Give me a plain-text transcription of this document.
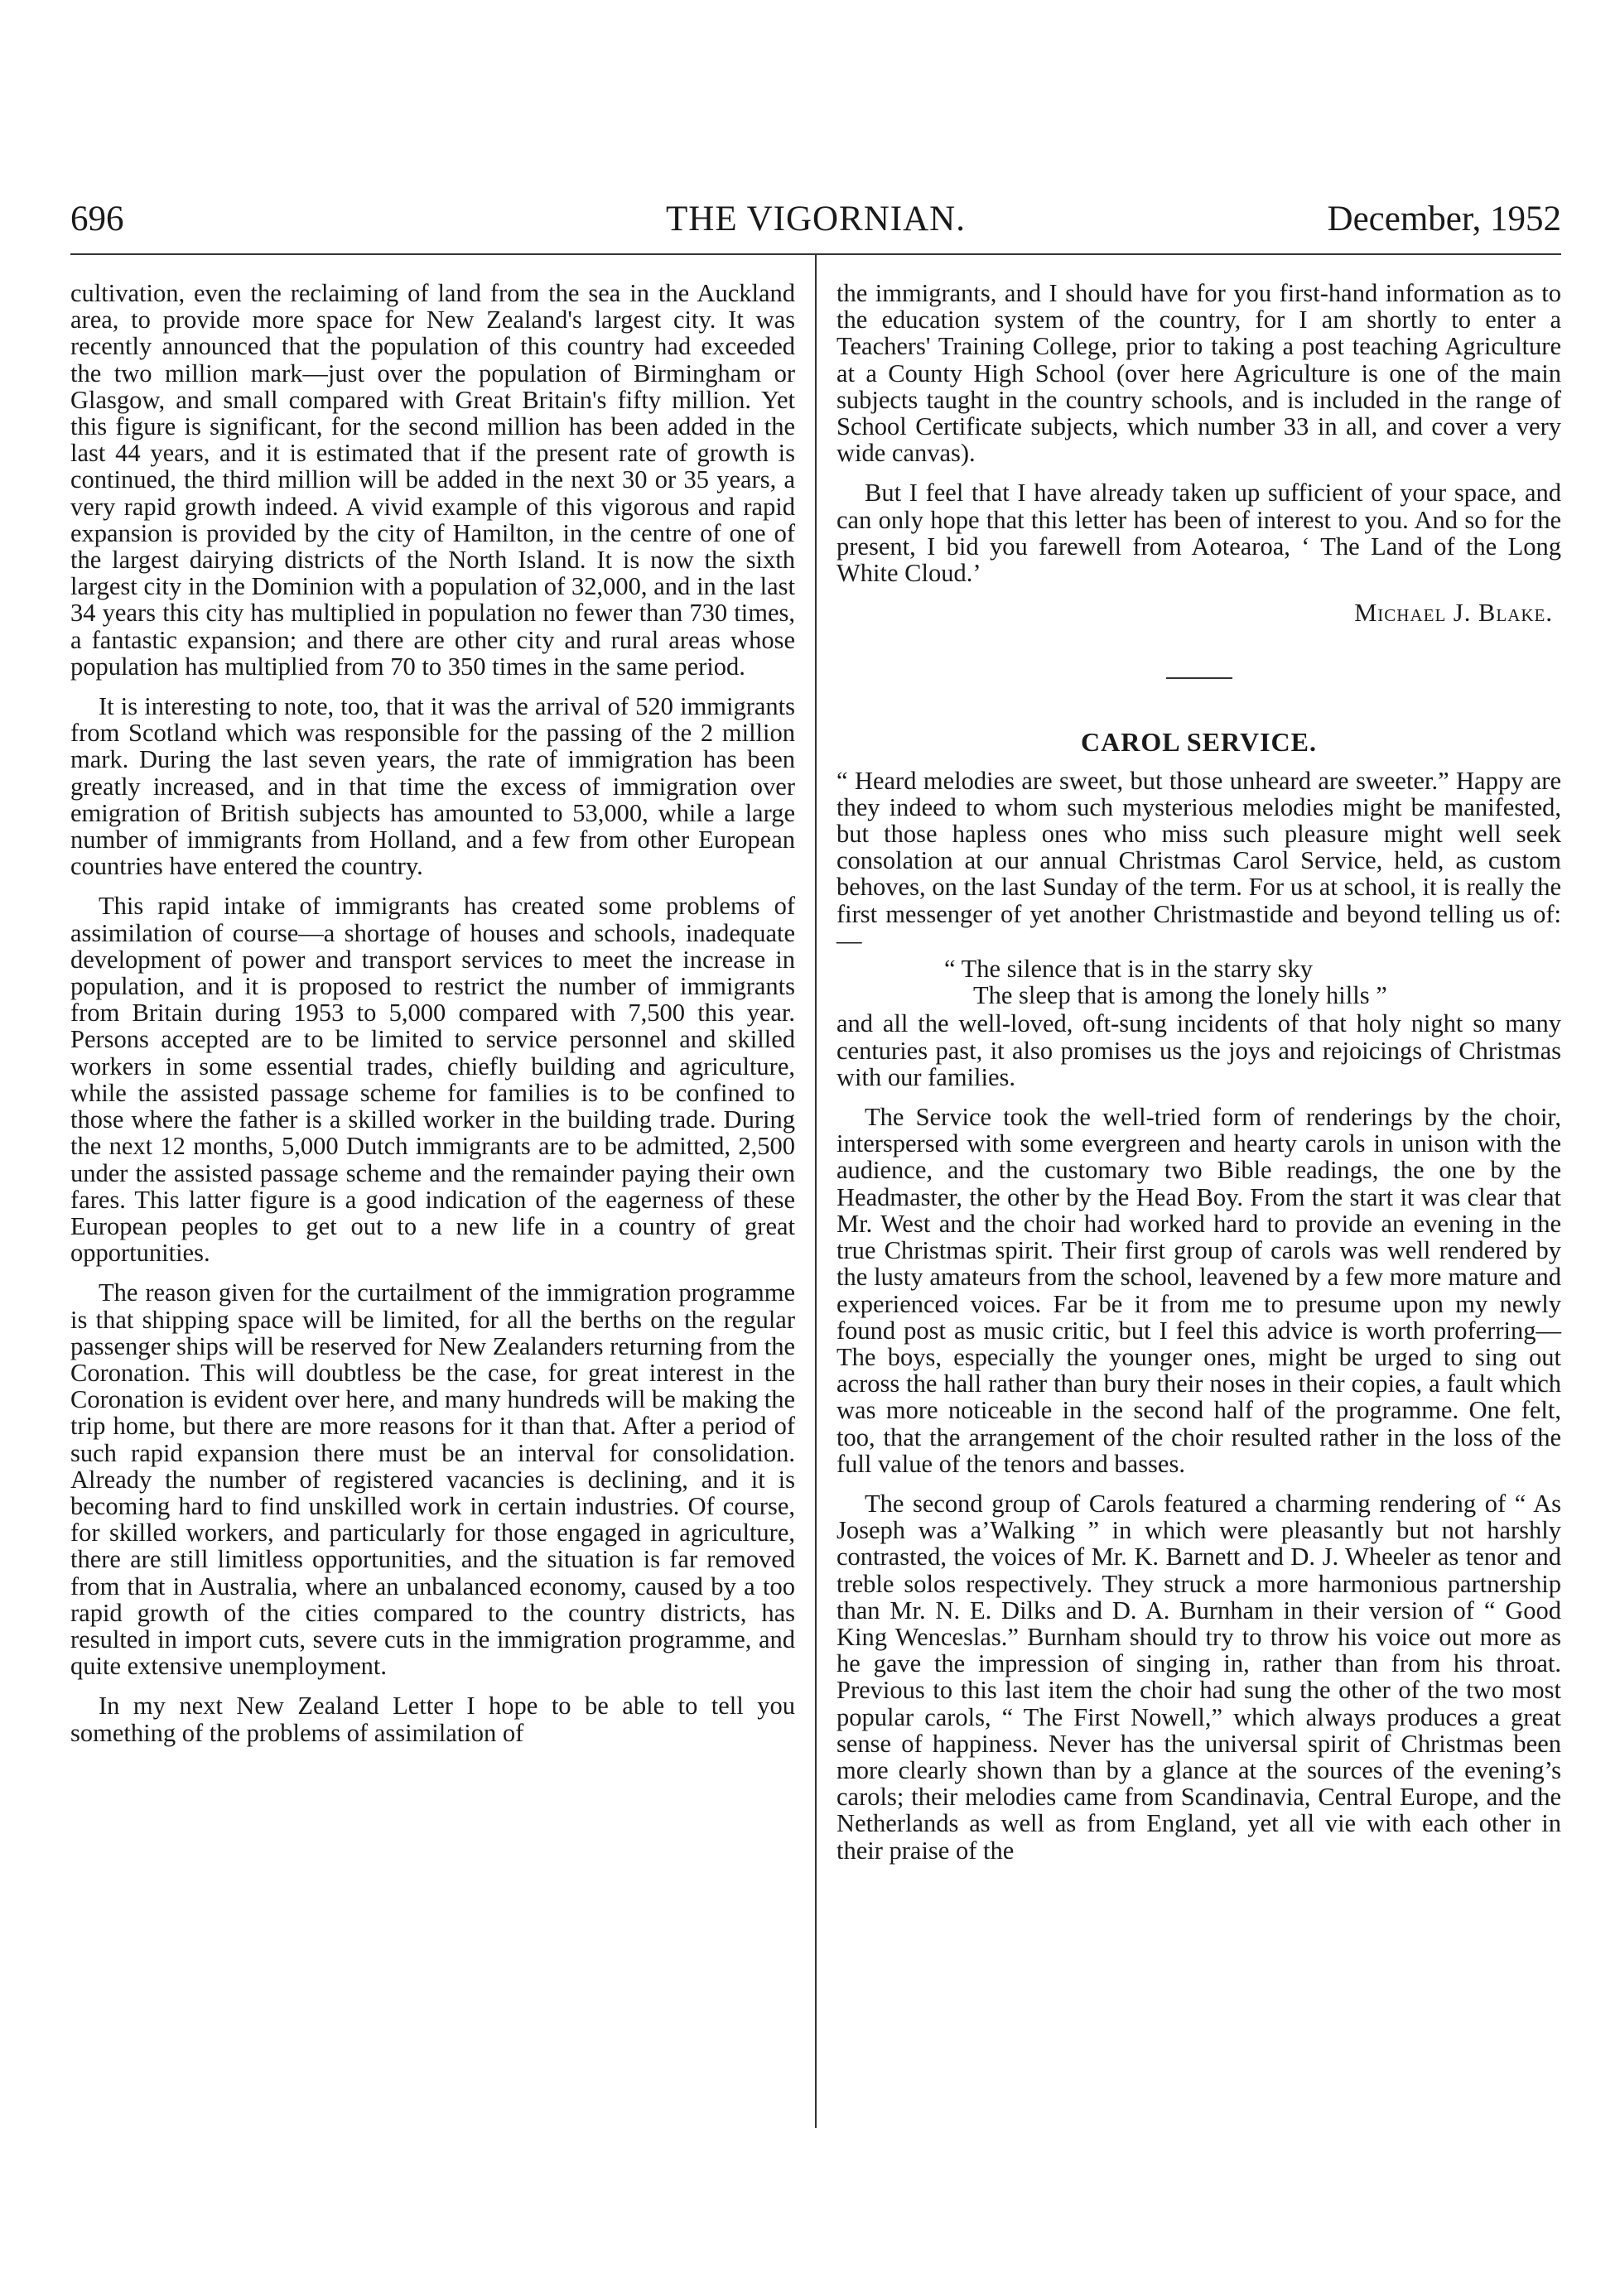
696	THE VIGORNIAN.	December, 1952

cultivation, even the reclaiming of land from the sea in the Auckland area, to provide more space for New Zealand's largest city. It was recently announced that the population of this country had exceeded the two million mark—just over the population of Birmingham or Glasgow, and small compared with Great Britain's fifty million. Yet this figure is significant, for the second million has been added in the last 44 years, and it is estimated that if the present rate of growth is continued, the third million will be added in the next 30 or 35 years, a very rapid growth indeed. A vivid example of this vigorous and rapid expansion is provided by the city of Hamilton, in the centre of one of the largest dairying districts of the North Island. It is now the sixth largest city in the Dominion with a population of 32,000, and in the last 34 years this city has multiplied in population no fewer than 730 times, a fantastic expansion; and there are other city and rural areas whose population has multiplied from 70 to 350 times in the same period.

It is interesting to note, too, that it was the arrival of 520 immigrants from Scotland which was responsible for the passing of the 2 million mark. During the last seven years, the rate of immigration has been greatly increased, and in that time the excess of immigration over emigration of British subjects has amounted to 53,000, while a large number of immigrants from Holland, and a few from other European countries have entered the country.

This rapid intake of immigrants has created some problems of assimilation of course—a shortage of houses and schools, inadequate development of power and transport services to meet the increase in population, and it is proposed to restrict the number of immigrants from Britain during 1953 to 5,000 compared with 7,500 this year. Persons accepted are to be limited to service personnel and skilled workers in some essential trades, chiefly building and agriculture, while the assisted passage scheme for families is to be confined to those where the father is a skilled worker in the building trade. During the next 12 months, 5,000 Dutch immigrants are to be admitted, 2,500 under the assisted passage scheme and the remainder paying their own fares. This latter figure is a good indication of the eagerness of these European peoples to get out to a new life in a country of great opportunities.

The reason given for the curtailment of the immigration programme is that shipping space will be limited, for all the berths on the regular passenger ships will be reserved for New Zealanders returning from the Coronation. This will doubtless be the case, for great interest in the Coronation is evident over here, and many hundreds will be making the trip home, but there are more reasons for it than that. After a period of such rapid expansion there must be an interval for consolidation. Already the number of registered vacancies is declining, and it is becoming hard to find unskilled work in certain industries. Of course, for skilled workers, and particularly for those engaged in agriculture, there are still limitless opportunities, and the situation is far removed from that in Australia, where an unbalanced economy, caused by a too rapid growth of the cities compared to the country districts, has resulted in import cuts, severe cuts in the immigration programme, and quite extensive unemployment.

In my next New Zealand Letter I hope to be able to tell you something of the problems of assimilation of

the immigrants, and I should have for you first-hand information as to the education system of the country, for I am shortly to enter a Teachers' Training College, prior to taking a post teaching Agriculture at a County High School (over here Agriculture is one of the main subjects taught in the country schools, and is included in the range of School Certificate subjects, which number 33 in all, and cover a very wide canvas).

But I feel that I have already taken up sufficient of your space, and can only hope that this letter has been of interest to you. And so for the present, I bid you farewell from Aotearoa, ‘ The Land of the Long White Cloud.’

Michael J. Blake.
CAROL SERVICE.

“ Heard melodies are sweet, but those unheard are sweeter.” Happy are they indeed to whom such mysterious melodies might be manifested, but those hapless ones who miss such pleasure might well seek consolation at our annual Christmas Carol Service, held, as custom behoves, on the last Sunday of the term. For us at school, it is really the first messenger of yet another Christmastide and beyond telling us of:—

“ The silence that is in the starry sky
The sleep that is among the lonely hills ”

and all the well-loved, oft-sung incidents of that holy night so many centuries past, it also promises us the joys and rejoicings of Christmas with our families.

The Service took the well-tried form of renderings by the choir, interspersed with some evergreen and hearty carols in unison with the audience, and the customary two Bible readings, the one by the Headmaster, the other by the Head Boy. From the start it was clear that Mr. West and the choir had worked hard to provide an evening in the true Christmas spirit. Their first group of carols was well rendered by the lusty amateurs from the school, leavened by a few more mature and experienced voices. Far be it from me to presume upon my newly found post as music critic, but I feel this advice is worth proferring—The boys, especially the younger ones, might be urged to sing out across the hall rather than bury their noses in their copies, a fault which was more noticeable in the second half of the programme. One felt, too, that the arrangement of the choir resulted rather in the loss of the full value of the tenors and basses.

The second group of Carols featured a charming rendering of “ As Joseph was a’Walking ” in which were pleasantly but not harshly contrasted, the voices of Mr. K. Barnett and D. J. Wheeler as tenor and treble solos respectively. They struck a more harmonious partnership than Mr. N. E. Dilks and D. A. Burnham in their version of “ Good King Wenceslas.” Burnham should try to throw his voice out more as he gave the impression of singing in, rather than from his throat. Previous to this last item the choir had sung the other of the two most popular carols, “ The First Nowell,” which always produces a great sense of happiness. Never has the universal spirit of Christmas been more clearly shown than by a glance at the sources of the evening’s carols; their melodies came from Scandinavia, Central Europe, and the Netherlands as well as from England, yet all vie with each other in their praise of the
